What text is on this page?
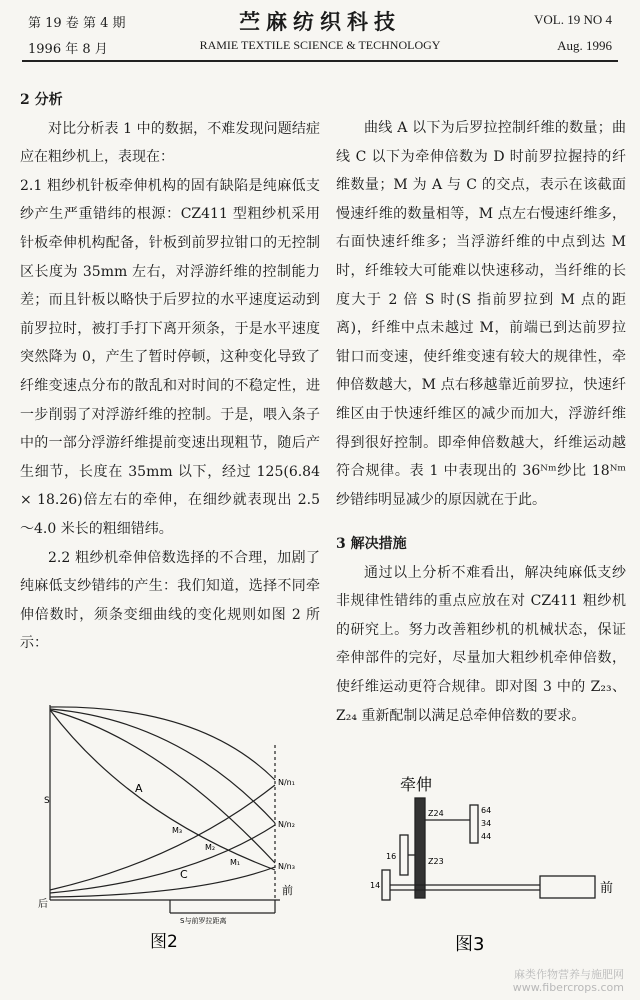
第 19 卷 第 4 期
1996 年 8 月
苎麻纺织科技
RAMIE TEXTILE SCIENCE & TECHNOLOGY
VOL. 19 NO 4
Aug. 1996

2 分析

对比分析表 1 中的数据，不难发现问题结症应在粗纱机上，表现在：

2.1 粗纱机针板牵伸机构的固有缺陷是纯麻低支纱产生严重错纬的根源：CZ411 型粗纱机采用针板牵伸机构配备，针板到前罗拉钳口的无控制区长度为 35mm 左右，对浮游纤维的控制能力差；而且针板以略快于后罗拉的水平速度运动到前罗拉时，被打手打下离开须条，于是水平速度突然降为 0，产生了暂时停顿，这种变化导致了纤维变速点分布的散乱和对时间的不稳定性，进一步削弱了对浮游纤维的控制。于是，喂入条子中的一部分浮游纤维提前变速出现粗节，随后产生细节，长度在 35mm 以下，经过 125(6.84 × 18.26)倍左右的牵伸，在细纱就表现出 2.5 ～4.0 米长的粗细错纬。

2.2 粗纱机牵伸倍数选择的不合理，加剧了纯麻低支纱错纬的产生：我们知道，选择不同牵伸倍数时，须条变细曲线的变化规则如图 2 所示：

曲线 A 以下为后罗拉控制纤维的数量；曲线 C 以下为牵伸倍数为 D 时前罗拉握持的纤维数量；M 为 A 与 C 的交点，表示在该截面慢速纤维的数量相等，M 点左右慢速纤维多，右面快速纤维多；当浮游纤维的中点到达 M 时，纤维较大可能难以快速移动，当纤维的长度大于 2 倍 S 时(S 指前罗拉到 M 点的距离)，纤维中点未越过 M，前端已到达前罗拉钳口而变速，使纤维变速有较大的规律性，牵伸倍数越大，M 点右移越靠近前罗拉，快速纤维区由于快速纤维区的减少而加大，浮游纤维得到很好控制。即牵伸倍数越大，纤维运动越符合规律。表 1 中表现出的 36ᴺᵐ纱比 18ᴺᵐ纱错纬明显减少的原因就在于此。

3 解决措施

通过以上分析不难看出，解决纯麻低支纱非规律性错纬的重点应放在对 CZ411 粗纱机的研究上。努力改善粗纱机的机械状态，保证牵伸部件的完好，尽量加大粗纱机牵伸倍数，使纤维运动更符合规律。即对图 3 中的 Z₂₃、Z₂₄ 重新配制以满足总牵伸倍数的要求。

A
C
N/n₁
N/n₂
N/n₃
M₃
M₂
M₁
前
后
S
S与前罗拉距离
图2
牵伸
Z24
Z23
64
34
44
16
14	前
图3
麻类作物营养与施肥网
www.fibercrops.com
